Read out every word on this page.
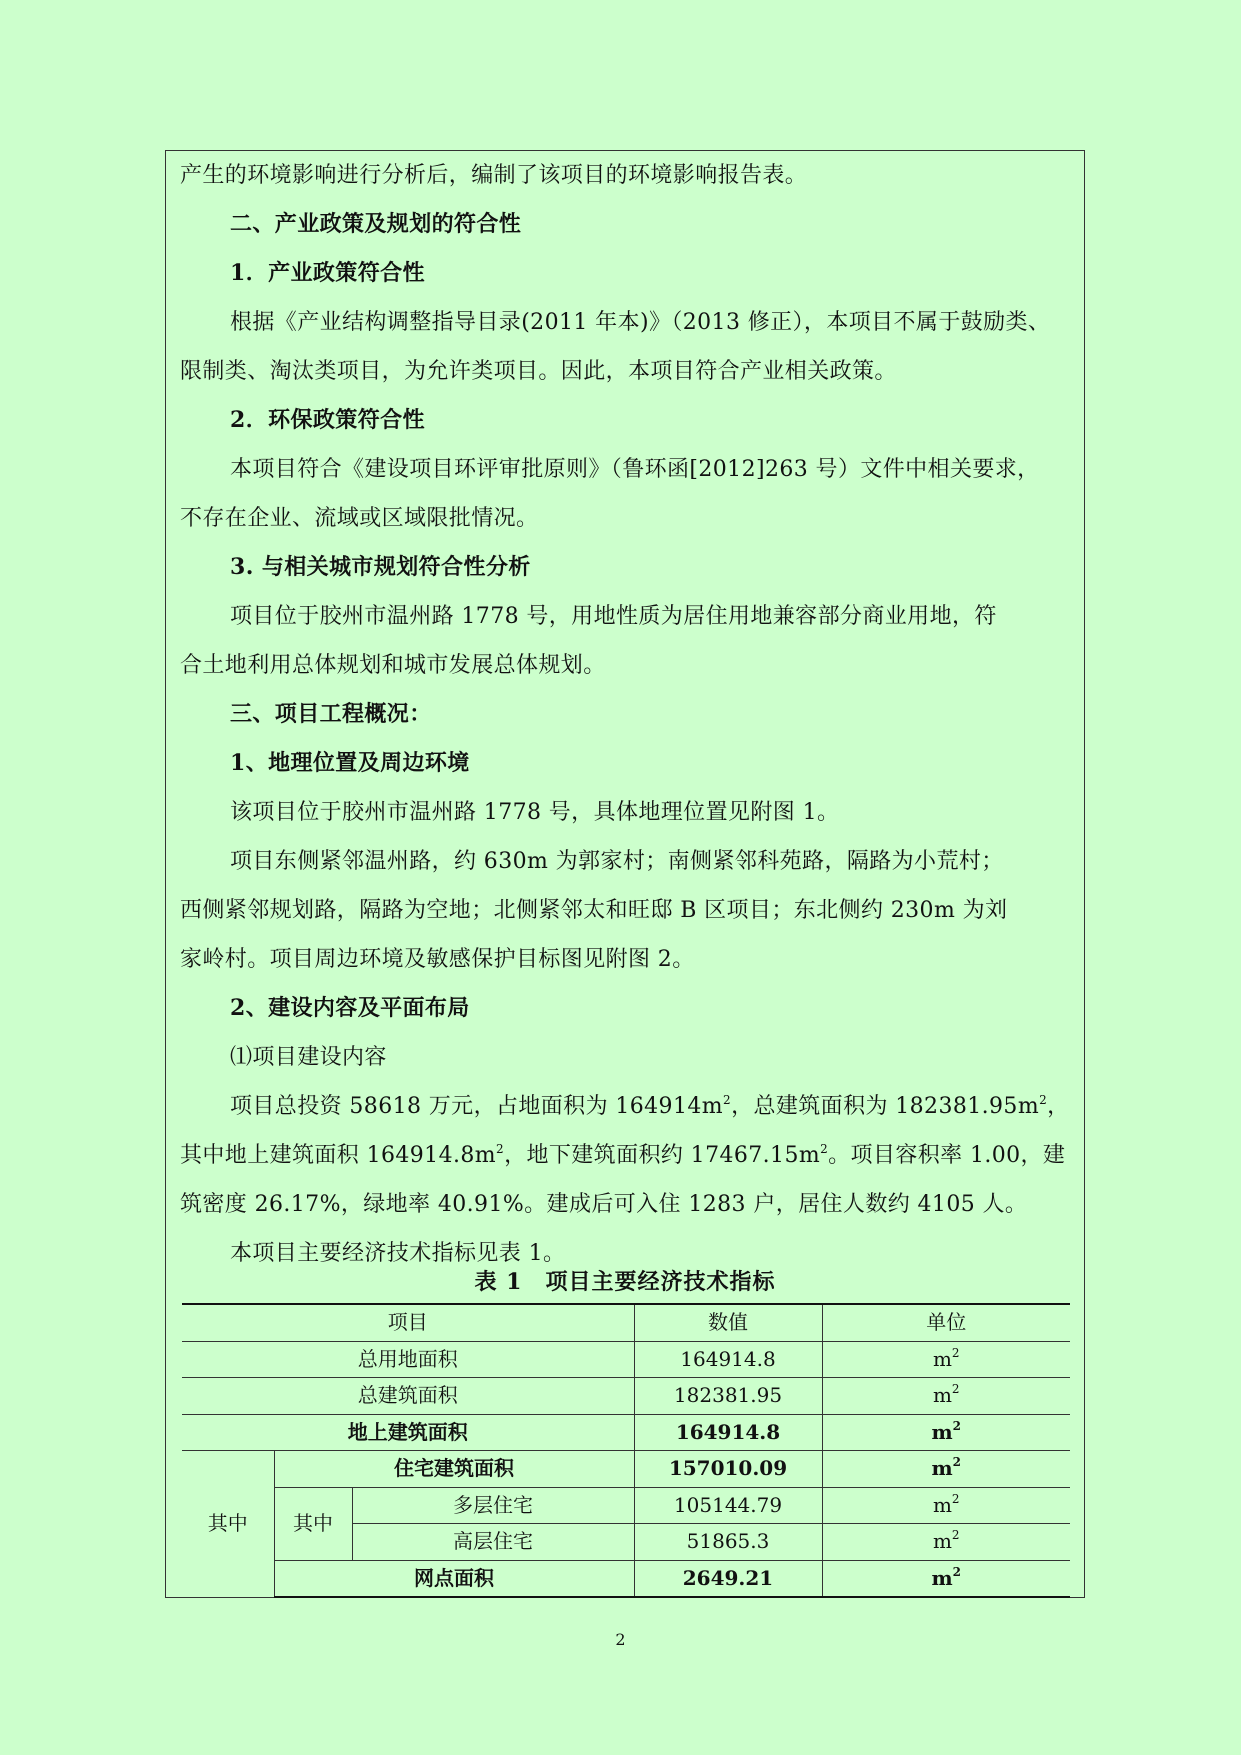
产生的环境影响进行分析后，编制了该项目的环境影响报告表。
二、产业政策及规划的符合性
1．产业政策符合性
根据《产业结构调整指导目录(2011 年本)》（2013 修正），本项目不属于鼓励类、
限制类、淘汰类项目，为允许类项目。因此，本项目符合产业相关政策。
2．环保政策符合性
本项目符合《建设项目环评审批原则》（鲁环函[2012]263 号）文件中相关要求，
不存在企业、流域或区域限批情况。
3. 与相关城市规划符合性分析
项目位于胶州市温州路 1778 号，用地性质为居住用地兼容部分商业用地，符
合土地利用总体规划和城市发展总体规划。
三、项目工程概况：
1、地理位置及周边环境
该项目位于胶州市温州路 1778 号，具体地理位置见附图 1。
项目东侧紧邻温州路，约 630m 为郭家村；南侧紧邻科苑路，隔路为小荒村；
西侧紧邻规划路，隔路为空地；北侧紧邻太和旺邸 B 区项目；东北侧约 230m 为刘
家岭村。项目周边环境及敏感保护目标图见附图 2。
2、建设内容及平面布局
⑴项目建设内容
项目总投资 58618 万元，占地面积为 $164914m^2$，总建筑面积为 $182381.95m^2$，
其中地上建筑面积 $164914.8m^2$，地下建筑面积约 $17467.15m^2$。项目容积率 1.00，建
筑密度 26.17%，绿地率 40.91%。建成后可入住 1283 户，居住人数约 4105 人。
本项目主要经济技术指标见表 1。
表 1　项目主要经济技术指标
项目			数值	单位
总用地面积			164914.8	$m^2$
总建筑面积			182381.95	$m^2$
地上建筑面积			164914.8	$m^2$
其中	住宅建筑面积		157010.09	$m^2$
	其中	多层住宅	105144.79	$m^2$
		高层住宅	51865.3	$m^2$
	网点面积		2649.21	$m^2$
2
